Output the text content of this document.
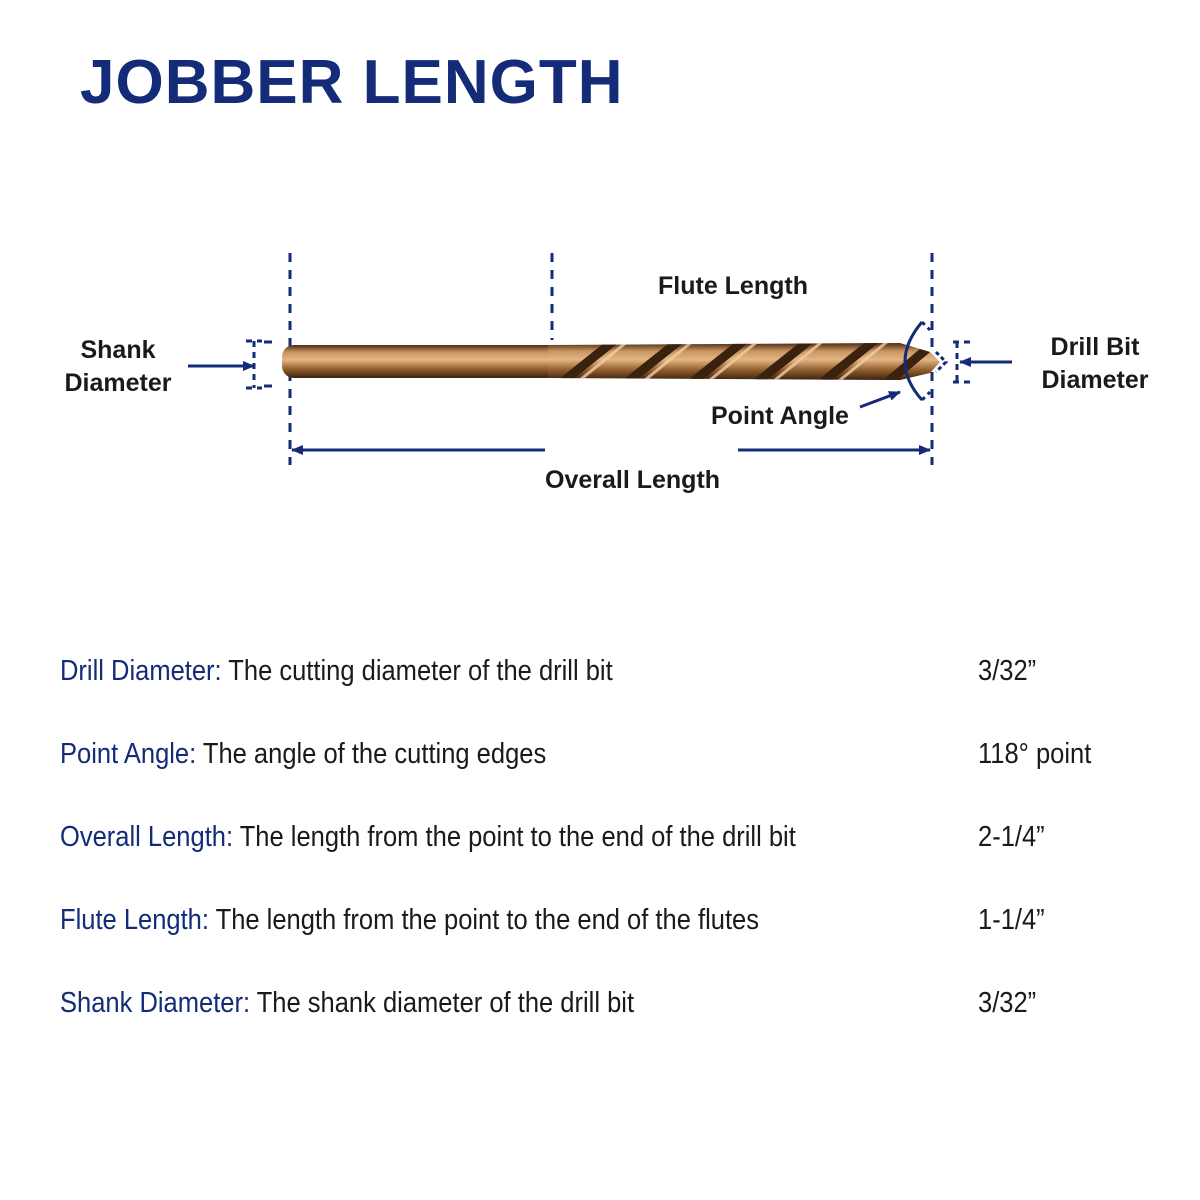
JOBBER LENGTH
Flute Length
Shank
Diameter
Drill Bit
Diameter
Point Angle
Overall Length
Drill Diameter: The cutting diameter of the drill bit	3/32”
Point Angle: The angle of the cutting edges	118° point
Overall Length: The length from the point to the end of the drill bit	2-1/4”
Flute Length: The length from the point to the end of the flutes	1-1/4”
Shank Diameter: The shank diameter of the drill bit	3/32”
